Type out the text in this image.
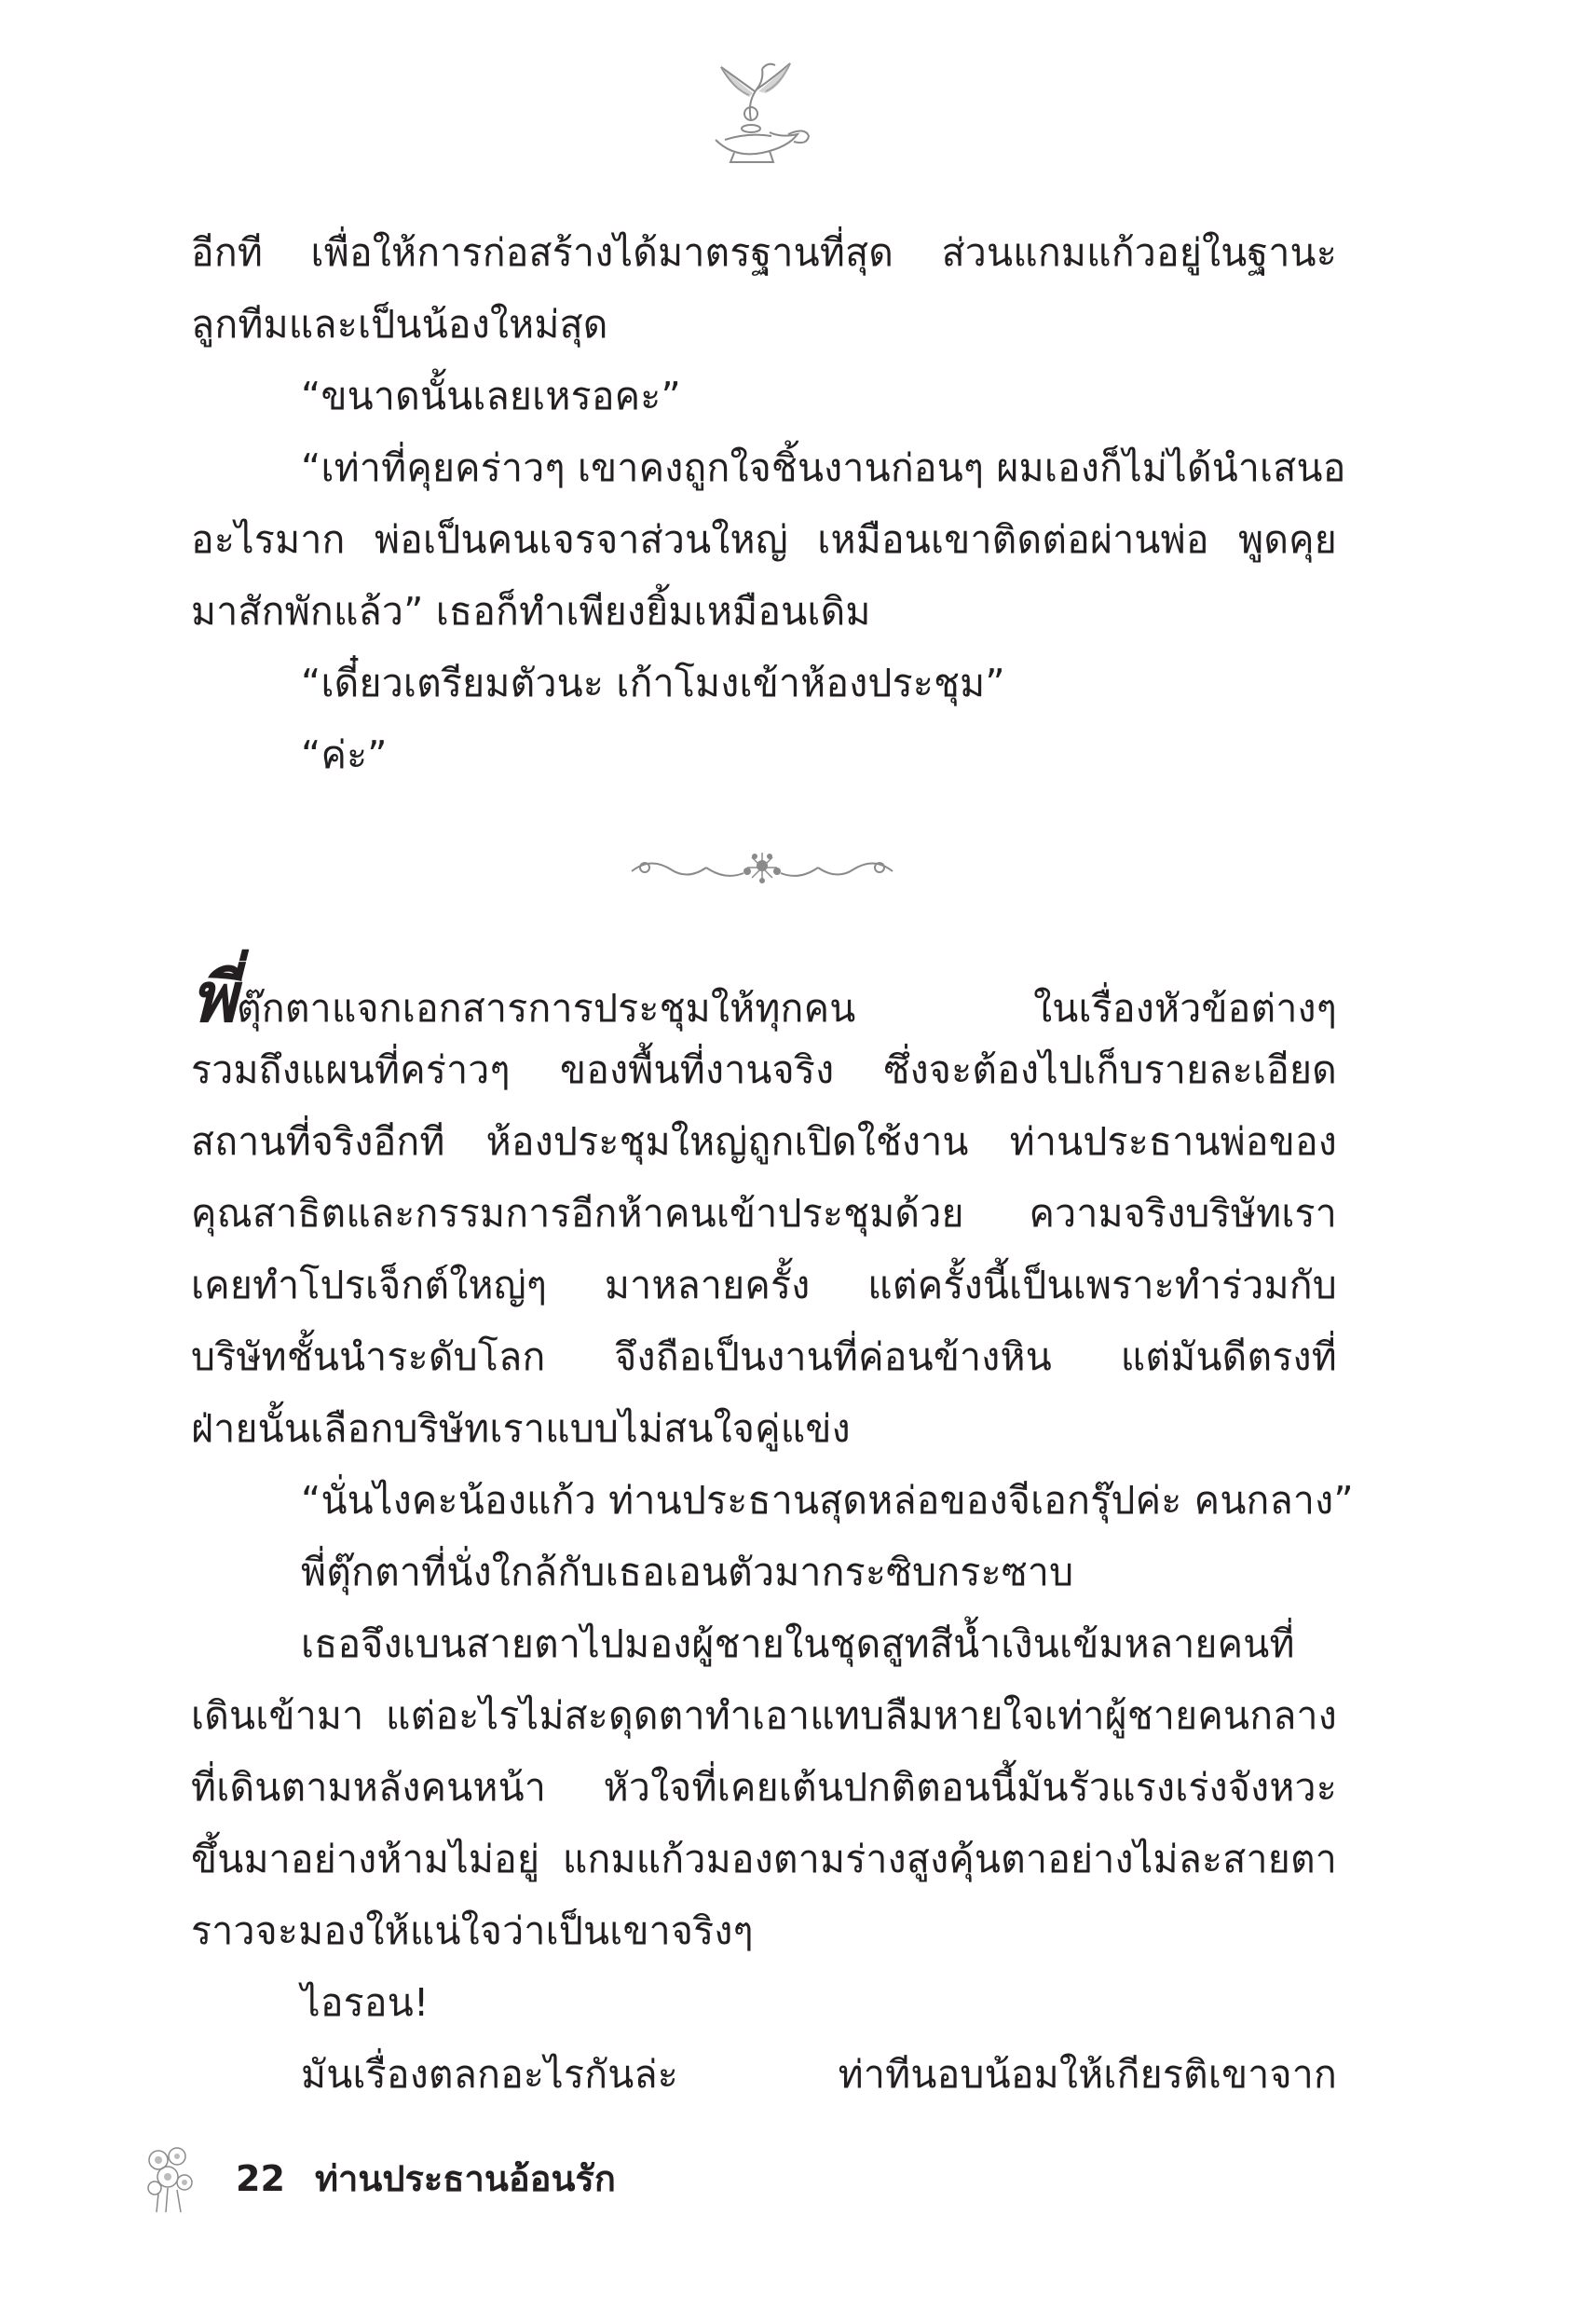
อีกที เพื่อให้การก่อสร้างได้มาตรฐานที่สุด ส่วนแกมแก้วอยู่ในฐานะ
ลูกทีมและเป็นน้องใหม่สุด
“ขนาดนั้นเลยเหรอคะ”
“เท่าที่คุยคร่าวๆ เขาคงถูกใจชิ้นงานก่อนๆ ผมเองก็ไม่ได้นำเสนอ
อะไรมาก พ่อเป็นคนเจรจาส่วนใหญ่ เหมือนเขาติดต่อผ่านพ่อ พูดคุย
มาสักพักแล้ว” เธอก็ทำเพียงยิ้มเหมือนเดิม
“เดี๋ยวเตรียมตัวนะ เก้าโมงเข้าห้องประชุม”
“ค่ะ”
พี่ตุ๊กตาแจกเอกสารการประชุมให้ทุกคน ในเรื่องหัวข้อต่างๆ
รวมถึงแผนที่คร่าวๆ ของพื้นที่งานจริง ซึ่งจะต้องไปเก็บรายละเอียด
สถานที่จริงอีกที ห้องประชุมใหญ่ถูกเปิดใช้งาน ท่านประธานพ่อของ
คุณสาธิตและกรรมการอีกห้าคนเข้าประชุมด้วย ความจริงบริษัทเรา
เคยทำโปรเจ็กต์ใหญ่ๆ มาหลายครั้ง แต่ครั้งนี้เป็นเพราะทำร่วมกับ
บริษัทชั้นนำระดับโลก จึงถือเป็นงานที่ค่อนข้างหิน แต่มันดีตรงที่
ฝ่ายนั้นเลือกบริษัทเราแบบไม่สนใจคู่แข่ง
“นั่นไงคะน้องแก้ว ท่านประธานสุดหล่อของจีเอกรุ๊ปค่ะ คนกลาง”
พี่ตุ๊กตาที่นั่งใกล้กับเธอเอนตัวมากระซิบกระซาบ
เธอจึงเบนสายตาไปมองผู้ชายในชุดสูทสีน้ำเงินเข้มหลายคนที่
เดินเข้ามา แต่อะไรไม่สะดุดตาทำเอาแทบลืมหายใจเท่าผู้ชายคนกลาง
ที่เดินตามหลังคนหน้า หัวใจที่เคยเต้นปกติตอนนี้มันรัวแรงเร่งจังหวะ
ขึ้นมาอย่างห้ามไม่อยู่ แกมแก้วมองตามร่างสูงคุ้นตาอย่างไม่ละสายตา
ราวจะมองให้แน่ใจว่าเป็นเขาจริงๆ
ไอรอน!
มันเรื่องตลกอะไรกันล่ะ ท่าทีนอบน้อมให้เกียรติเขาจาก
22 ท่านประธานอ้อนรัก
